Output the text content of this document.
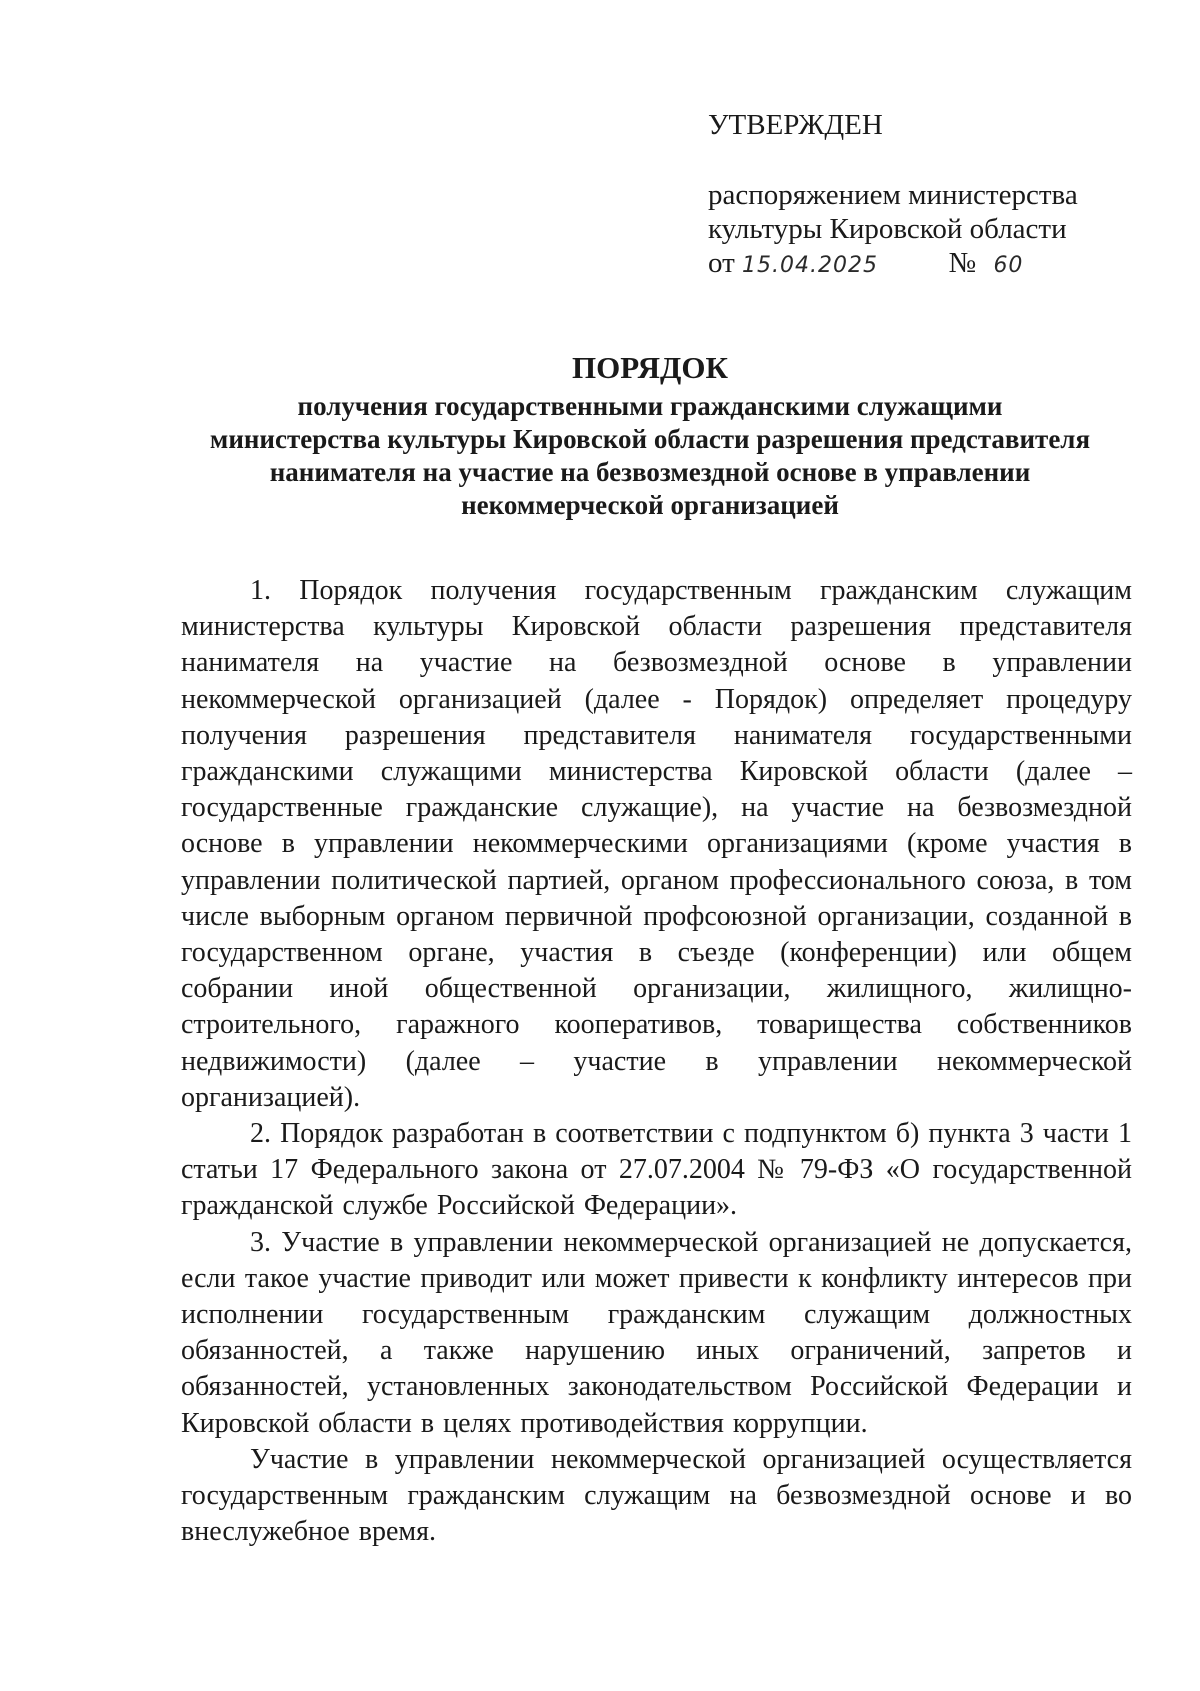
УТВЕРЖДЕН

распоряжением министерства

культуры Кировской области

от 15.04.2025 № 60

ПОРЯДОК

получения государственными гражданскими служащими

министерства культуры Кировской области разрешения представителя

нанимателя на участие на безвозмездной основе в управлении

некоммерческой организацией

1. Порядок получения государственным гражданским служащим министерства культуры Кировской области разрешения представителя нанимателя на участие на безвозмездной основе в управлении некоммерческой организацией (далее - Порядок) определяет процедуру получения разрешения представителя нанимателя государственными гражданскими служащими министерства Кировской области (далее – государственные гражданские служащие), на участие на безвозмездной основе в управлении некоммерческими организациями (кроме участия в управлении политической партией, органом профессионального союза, в том числе выборным органом первичной профсоюзной организации, созданной в государственном органе, участия в съезде (конференции) или общем собрании иной общественной организации, жилищного, жилищно-строительного, гаражного кооперативов, товарищества собственников недвижимости) (далее – участие в управлении некоммерческой организацией).

2. Порядок разработан в соответствии с подпунктом б) пункта 3 части 1 статьи 17 Федерального закона от 27.07.2004 № 79-ФЗ «О государственной гражданской службе Российской Федерации».

3. Участие в управлении некоммерческой организацией не допускается, если такое участие приводит или может привести к конфликту интересов при исполнении государственным гражданским служащим должностных обязанностей, а также нарушению иных ограничений, запретов и обязанностей, установленных законодательством Российской Федерации и Кировской области в целях противодействия коррупции.

Участие в управлении некоммерческой организацией осуществляется государственным гражданским служащим на безвозмездной основе и во внеслужебное время.
